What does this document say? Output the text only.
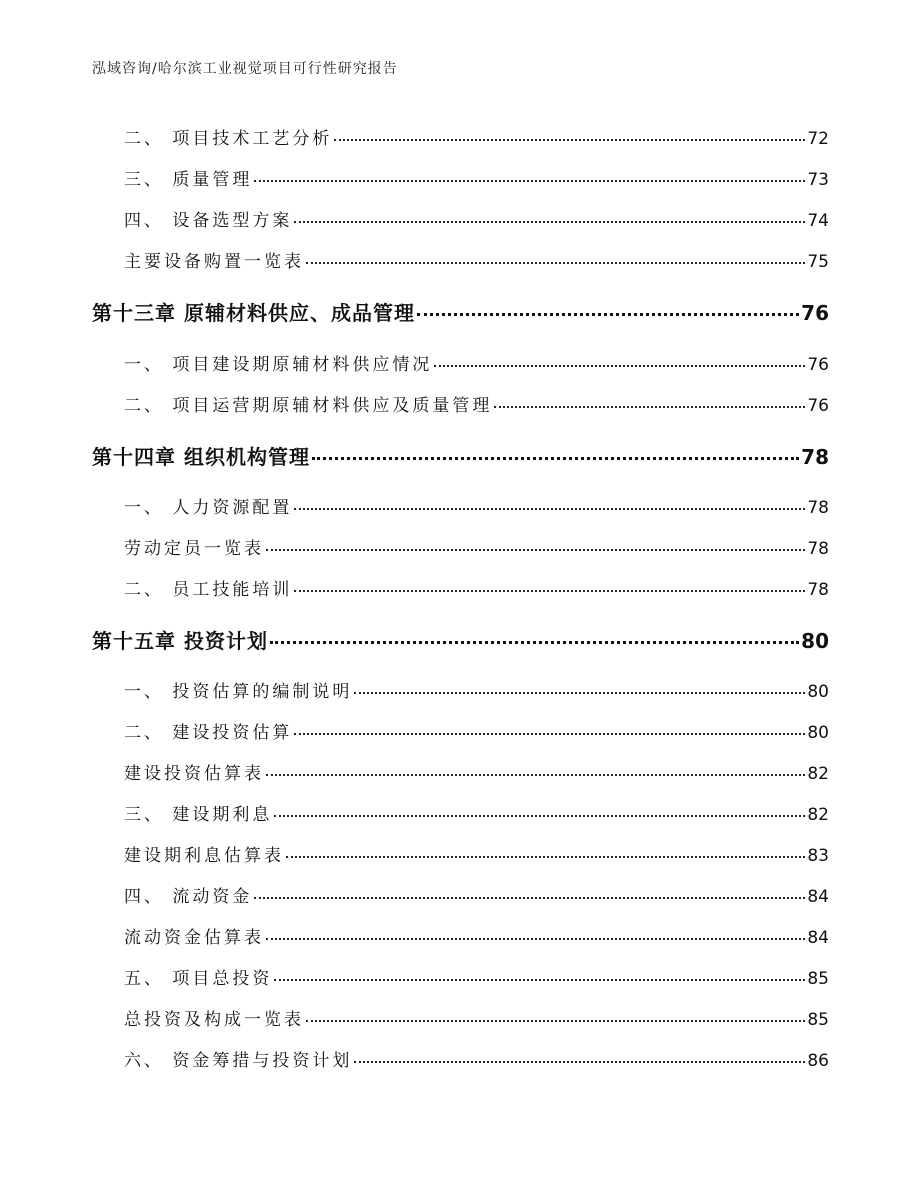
泓域咨询/哈尔滨工业视觉项目可行性研究报告
二、 项目技术工艺分析	72
三、 质量管理	73
四、 设备选型方案	74
主要设备购置一览表	75
第十三章 原辅材料供应、成品管理	76
一、 项目建设期原辅材料供应情况	76
二、 项目运营期原辅材料供应及质量管理	76
第十四章 组织机构管理	78
一、 人力资源配置	78
劳动定员一览表	78
二、 员工技能培训	78
第十五章 投资计划	80
一、 投资估算的编制说明	80
二、 建设投资估算	80
建设投资估算表	82
三、 建设期利息	82
建设期利息估算表	83
四、 流动资金	84
流动资金估算表	84
五、 项目总投资	85
总投资及构成一览表	85
六、 资金筹措与投资计划	86
